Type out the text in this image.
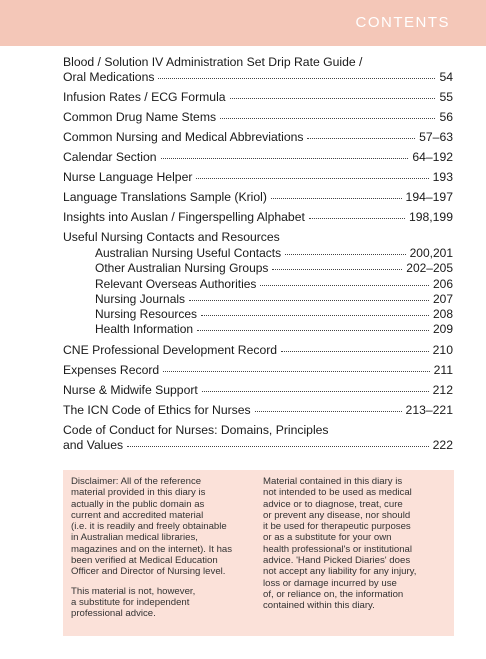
CONTENTS
Blood / Solution IV Administration Set Drip Rate Guide /
Oral Medications	54
Infusion Rates / ECG Formula	55
Common Drug Name Stems	56
Common Nursing and Medical Abbreviations	57–63
Calendar Section	64–192
Nurse Language Helper	193
Language Translations Sample (Kriol)	194–197
Insights into Auslan / Fingerspelling Alphabet	198,199
Useful Nursing Contacts and Resources
Australian Nursing Useful Contacts	200,201
Other Australian Nursing Groups	202–205
Relevant Overseas Authorities	206
Nursing Journals	207
Nursing Resources	208
Health Information	209
CNE Professional Development Record	210
Expenses Record	211
Nurse & Midwife Support	212
The ICN Code of Ethics for Nurses	213–221
Code of Conduct for Nurses: Domains, Principles
and Values	222
Disclaimer: All of the reference
material provided in this diary is
actually in the public domain as
current and accredited material
(i.e. it is readily and freely obtainable
in Australian medical libraries,
magazines and on the internet). It has
been verified at Medical Education
Officer and Director of Nursing level.
This material is not, however,
a substitute for independent
professional advice.
Material contained in this diary is
not intended to be used as medical
advice or to diagnose, treat, cure
or prevent any disease, nor should
it be used for therapeutic purposes
or as a substitute for your own
health professional's or institutional
advice. 'Hand Picked Diaries' does
not accept any liability for any injury,
loss or damage incurred by use
of, or reliance on, the information
contained within this diary.
